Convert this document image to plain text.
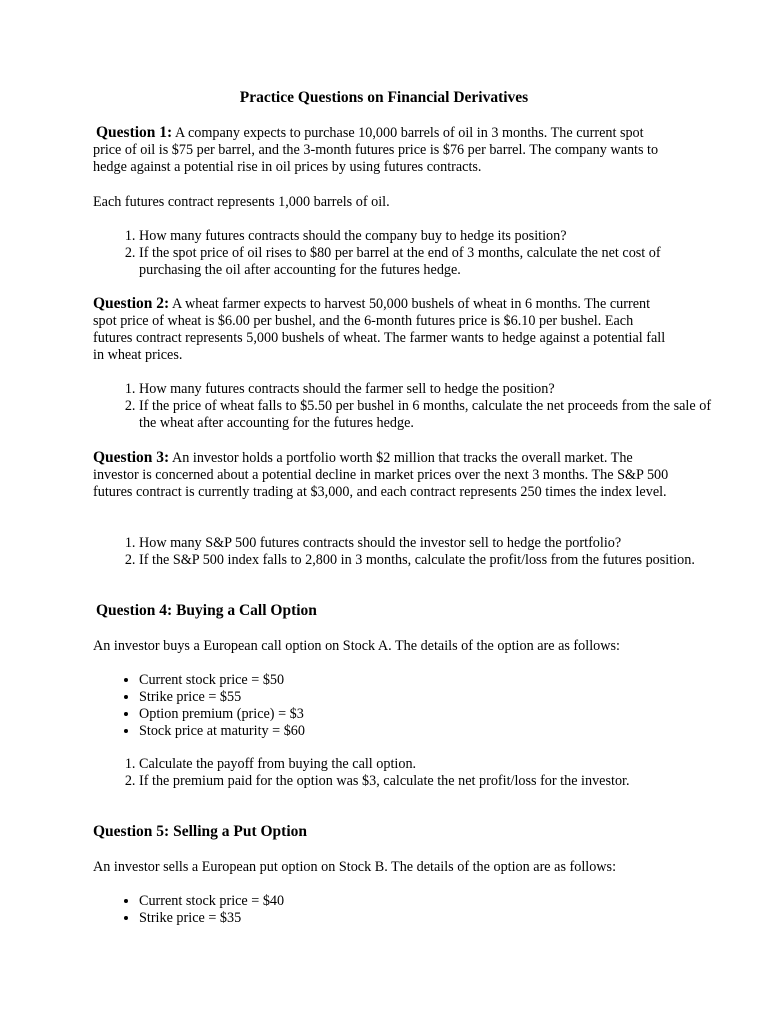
Practice Questions on Financial Derivatives

Question 1: A company expects to purchase 10,000 barrels of oil in 3 months. The current spot price of oil is $75 per barrel, and the 3-month futures price is $76 per barrel. The company wants to hedge against a potential rise in oil prices by using futures contracts.

Each futures contract represents 1,000 barrels of oil.

1. How many futures contracts should the company buy to hedge its position?
2. If the spot price of oil rises to $80 per barrel at the end of 3 months, calculate the net cost of purchasing the oil after accounting for the futures hedge.

Question 2: A wheat farmer expects to harvest 50,000 bushels of wheat in 6 months. The current spot price of wheat is $6.00 per bushel, and the 6-month futures price is $6.10 per bushel. Each futures contract represents 5,000 bushels of wheat. The farmer wants to hedge against a potential fall in wheat prices.

1. How many futures contracts should the farmer sell to hedge the position?
2. If the price of wheat falls to $5.50 per bushel in 6 months, calculate the net proceeds from the sale of the wheat after accounting for the futures hedge.

Question 3: An investor holds a portfolio worth $2 million that tracks the overall market. The investor is concerned about a potential decline in market prices over the next 3 months. The S&P 500 futures contract is currently trading at $3,000, and each contract represents 250 times the index level.

1. How many S&P 500 futures contracts should the investor sell to hedge the portfolio?
2. If the S&P 500 index falls to 2,800 in 3 months, calculate the profit/loss from the futures position.
Question 4: Buying a Call Option

An investor buys a European call option on Stock A. The details of the option are as follows:

• Current stock price = $50
• Strike price = $55
• Option premium (price) = $3
• Stock price at maturity = $60
1. Calculate the payoff from buying the call option.
2. If the premium paid for the option was $3, calculate the net profit/loss for the investor.
Question 5: Selling a Put Option

An investor sells a European put option on Stock B. The details of the option are as follows:

• Current stock price = $40
• Strike price = $35
